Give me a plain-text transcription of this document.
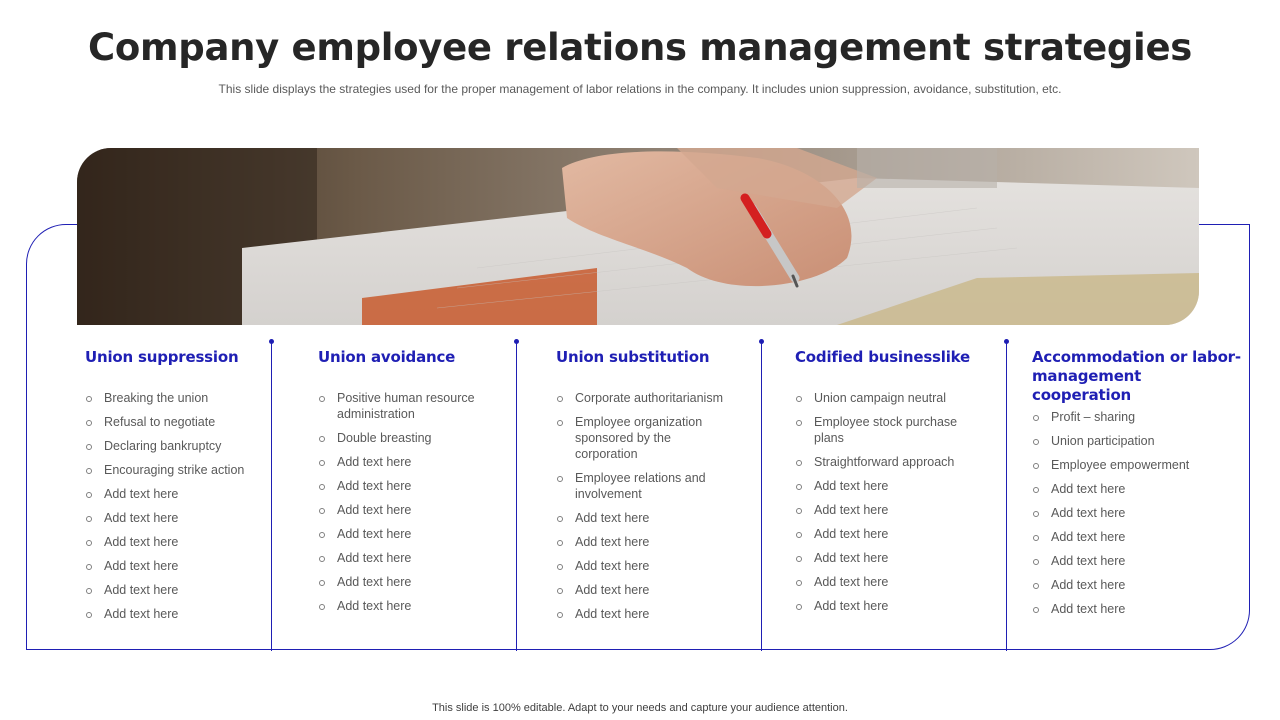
Company employee relations management strategies
This slide displays the strategies used for the proper management of labor relations in the company. It includes union suppression, avoidance, substitution, etc.
Union suppression
Breaking the union
Refusal to negotiate
Declaring bankruptcy
Encouraging strike action
Add text here
Add text here
Add text here
Add text here
Add text here
Add text here
Union avoidance
Positive human resource administration
Double breasting
Add text here
Add text here
Add text here
Add text here
Add text here
Add text here
Add text here
Union substitution
Corporate authoritarianism
Employee organization sponsored by the corporation
Employee relations and involvement
Add text here
Add text here
Add text here
Add text here
Add text here
Codified businesslike
Union campaign neutral
Employee stock purchase plans
Straightforward approach
Add text here
Add text here
Add text here
Add text here
Add text here
Add text here
Accommodation or labor-management cooperation
Profit – sharing
Union participation
Employee empowerment
Add text here
Add text here
Add text here
Add text here
Add text here
Add text here
This slide is 100% editable. Adapt to your needs and capture your audience attention.
